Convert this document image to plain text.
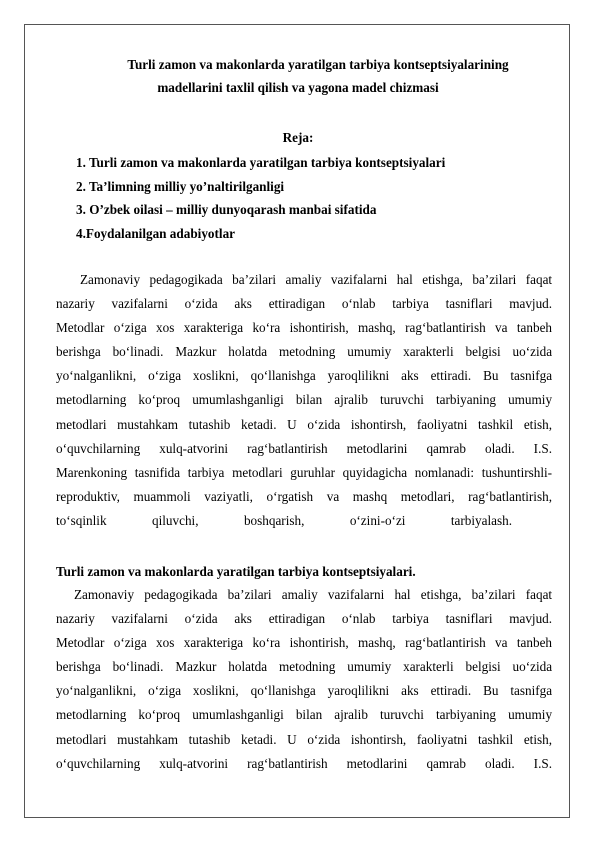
Turli zamon va makonlarda yaratilgan tarbiya kontseptsiyalarining
madellarini taxlil qilish va yagona madel chizmasi
Reja:
1. Turli zamon va makonlarda yaratilgan tarbiya kontseptsiyalari
2. Ta’limning milliy yo’naltirilganligi
3. O’zbek oilasi – milliy dunyoqarash manbai sifatida
4.Foydalanilgan adabiyotlar
Zamonaviy pedagogikada ba’zilari amaliy vazifalarni hal etishga, ba’zilari faqat
nazariy vazifalarni o‘zida aks ettiradigan o‘nlab tarbiya tasniflari mavjud.
Metodlar o‘ziga xos xarakteriga ko‘ra ishontirish, mashq, rag‘batlantirish va tanbeh
berishga bo‘linadi. Mazkur holatda metodning umumiy xarakterli belgisi uo‘zida
yo‘nalganlikni, o‘ziga xoslikni, qo‘llanishga yaroqlilikni aks ettiradi. Bu tasnifga
metodlarning ko‘proq umumlashganligi bilan ajralib turuvchi tarbiyaning umumiy
metodlari mustahkam tutashib ketadi. U o‘zida ishontirsh, faoliyatni tashkil etish,
o‘quvchilarning xulq-atvorini rag‘batlantirish metodlarini qamrab oladi. I.S.
Marenkoning tasnifida tarbiya metodlari guruhlar quyidagicha nomlanadi: tushuntirshli-
reproduktiv, muammoli vaziyatli, o‘rgatish va mashq metodlari, rag‘batlantirish,
to‘sqinlik	qiluvchi,	boshqarish,	o‘zini-o‘zi	tarbiyalash.
Turli zamon va makonlarda yaratilgan tarbiya kontseptsiyalari.
Zamonaviy pedagogikada ba’zilari amaliy vazifalarni hal etishga, ba’zilari faqat
nazariy vazifalarni o‘zida aks ettiradigan o‘nlab tarbiya tasniflari mavjud.
Metodlar o‘ziga xos xarakteriga ko‘ra ishontirish, mashq, rag‘batlantirish va tanbeh
berishga bo‘linadi. Mazkur holatda metodning umumiy xarakterli belgisi uo‘zida
yo‘nalganlikni, o‘ziga xoslikni, qo‘llanishga yaroqlilikni aks ettiradi. Bu tasnifga
metodlarning ko‘proq umumlashganligi bilan ajralib turuvchi tarbiyaning umumiy
metodlari mustahkam tutashib ketadi. U o‘zida ishontirsh, faoliyatni tashkil etish,
o‘quvchilarning xulq-atvorini rag‘batlantirish metodlarini qamrab oladi. I.S.
